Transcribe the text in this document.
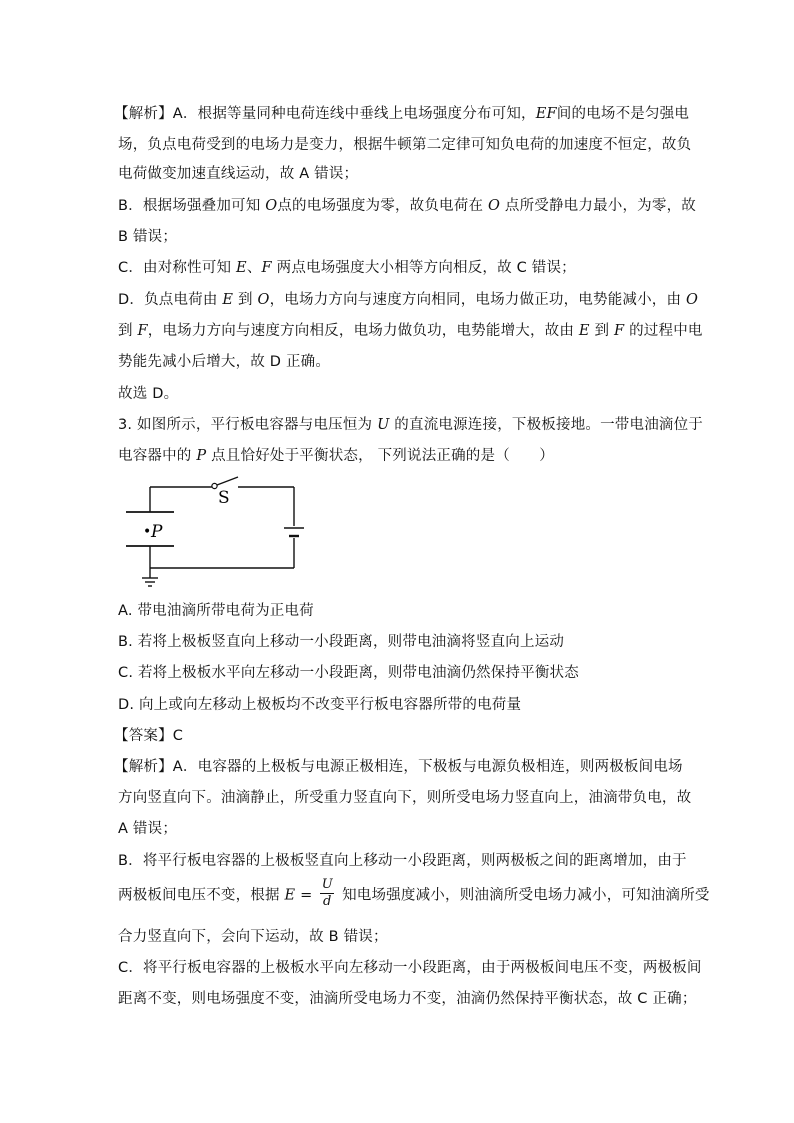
【解析】A．根据等量同种电荷连线中垂线上电场强度分布可知，EF间的电场不是匀强电
场，负点电荷受到的电场力是变力，根据牛顿第二定律可知负电荷的加速度不恒定，故负
电荷做变加速直线运动，故 A 错误；
B．根据场强叠加可知 O点的电场强度为零，故负电荷在 O 点所受静电力最小，为零，故
B 错误；
C．由对称性可知 E、F 两点电场强度大小相等方向相反，故 C 错误；
D．负点电荷由 E 到 O，电场力方向与速度方向相同，电场力做正功，电势能减小，由 O
到 F，电场力方向与速度方向相反，电场力做负功，电势能增大，故由 E 到 F 的过程中电
势能先减小后增大，故 D 正确。
故选 D。
3. 如图所示，平行板电容器与电压恒为 U 的直流电源连接，下极板接地。一带电油滴位于
电容器中的 P 点且恰好处于平衡状态， 下列说法正确的是（　　）
S
• P
A. 带电油滴所带电荷为正电荷
B. 若将上极板竖直向上移动一小段距离，则带电油滴将竖直向上运动
C. 若将上极板水平向左移动一小段距离，则带电油滴仍然保持平衡状态
D. 向上或向左移动上极板均不改变平行板电容器所带的电荷量
【答案】C
【解析】A．电容器的上极板与电源正极相连，下极板与电源负极相连，则两极板间电场
方向竖直向下。油滴静止，所受重力竖直向下，则所受电场力竖直向上，油滴带负电，故
A 错误；
B．将平行板电容器的上极板竖直向上移动一小段距离，则两极板之间的距离增加，由于
两极板间电压不变，根据 $E = \frac{U}{d}$ 知电场强度减小，则油滴所受电场力减小，可知油滴所受
合力竖直向下，会向下运动，故 B 错误；
C．将平行板电容器的上极板水平向左移动一小段距离，由于两极板间电压不变，两极板间
距离不变，则电场强度不变，油滴所受电场力不变，油滴仍然保持平衡状态，故 C 正确；
